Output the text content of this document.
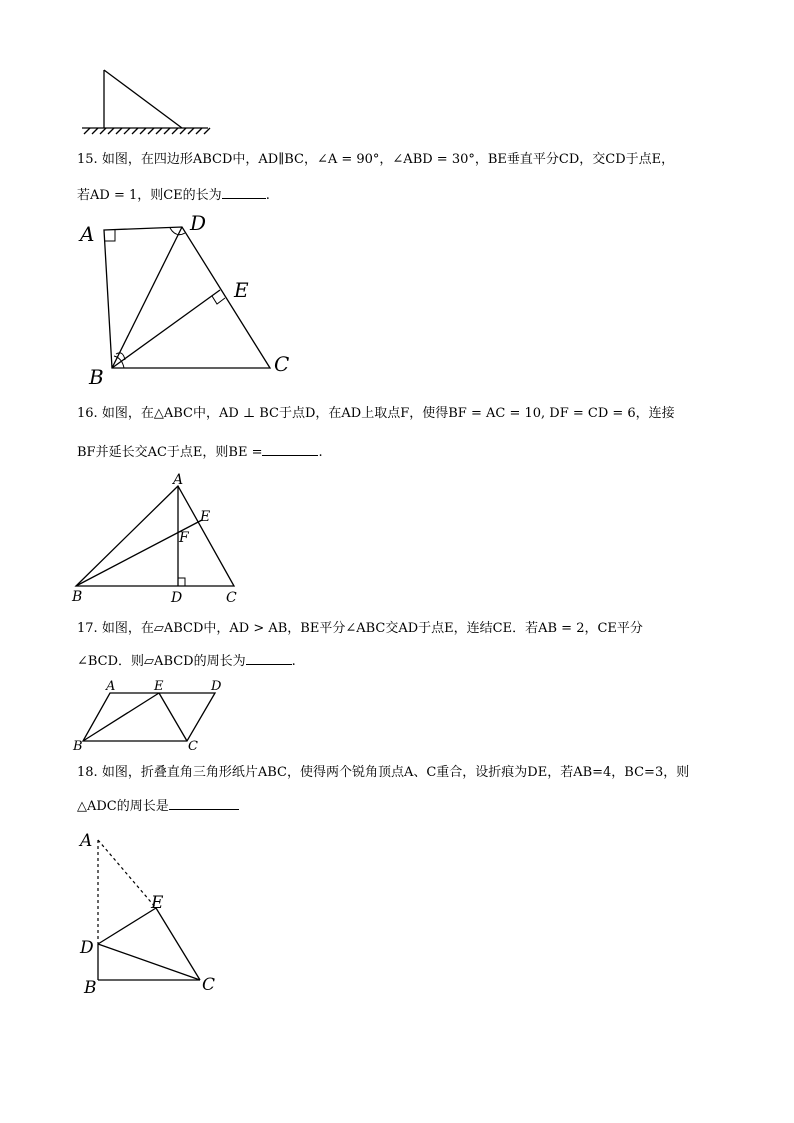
15. 如图，在四边形ABCD中，AD∥BC，∠A = 90°，∠ABD = 30°，BE垂直平分CD，交CD于点E，
若AD = 1，则CE的长为	.
A	D
E
B
C
16. 如图，在△ABC中，AD ⊥ BC于点D，在AD上取点F，使得BF = AC = 10, DF = CD = 6，连接
BF并延长交AC于点E，则BE =	.
A
E
F
B	D	C
17. 如图，在▱ABCD中，AD > AB，BE平分∠ABC交AD于点E，连结CE．若AB = 2，CE平分
∠BCD．则▱ABCD的周长为	.
A	E	D
B	C
18. 如图，折叠直角三角形纸片ABC，使得两个锐角顶点A、C重合，设折痕为DE，若AB=4，BC=3，则
△ADC的周长是
A
E
D
B	C
